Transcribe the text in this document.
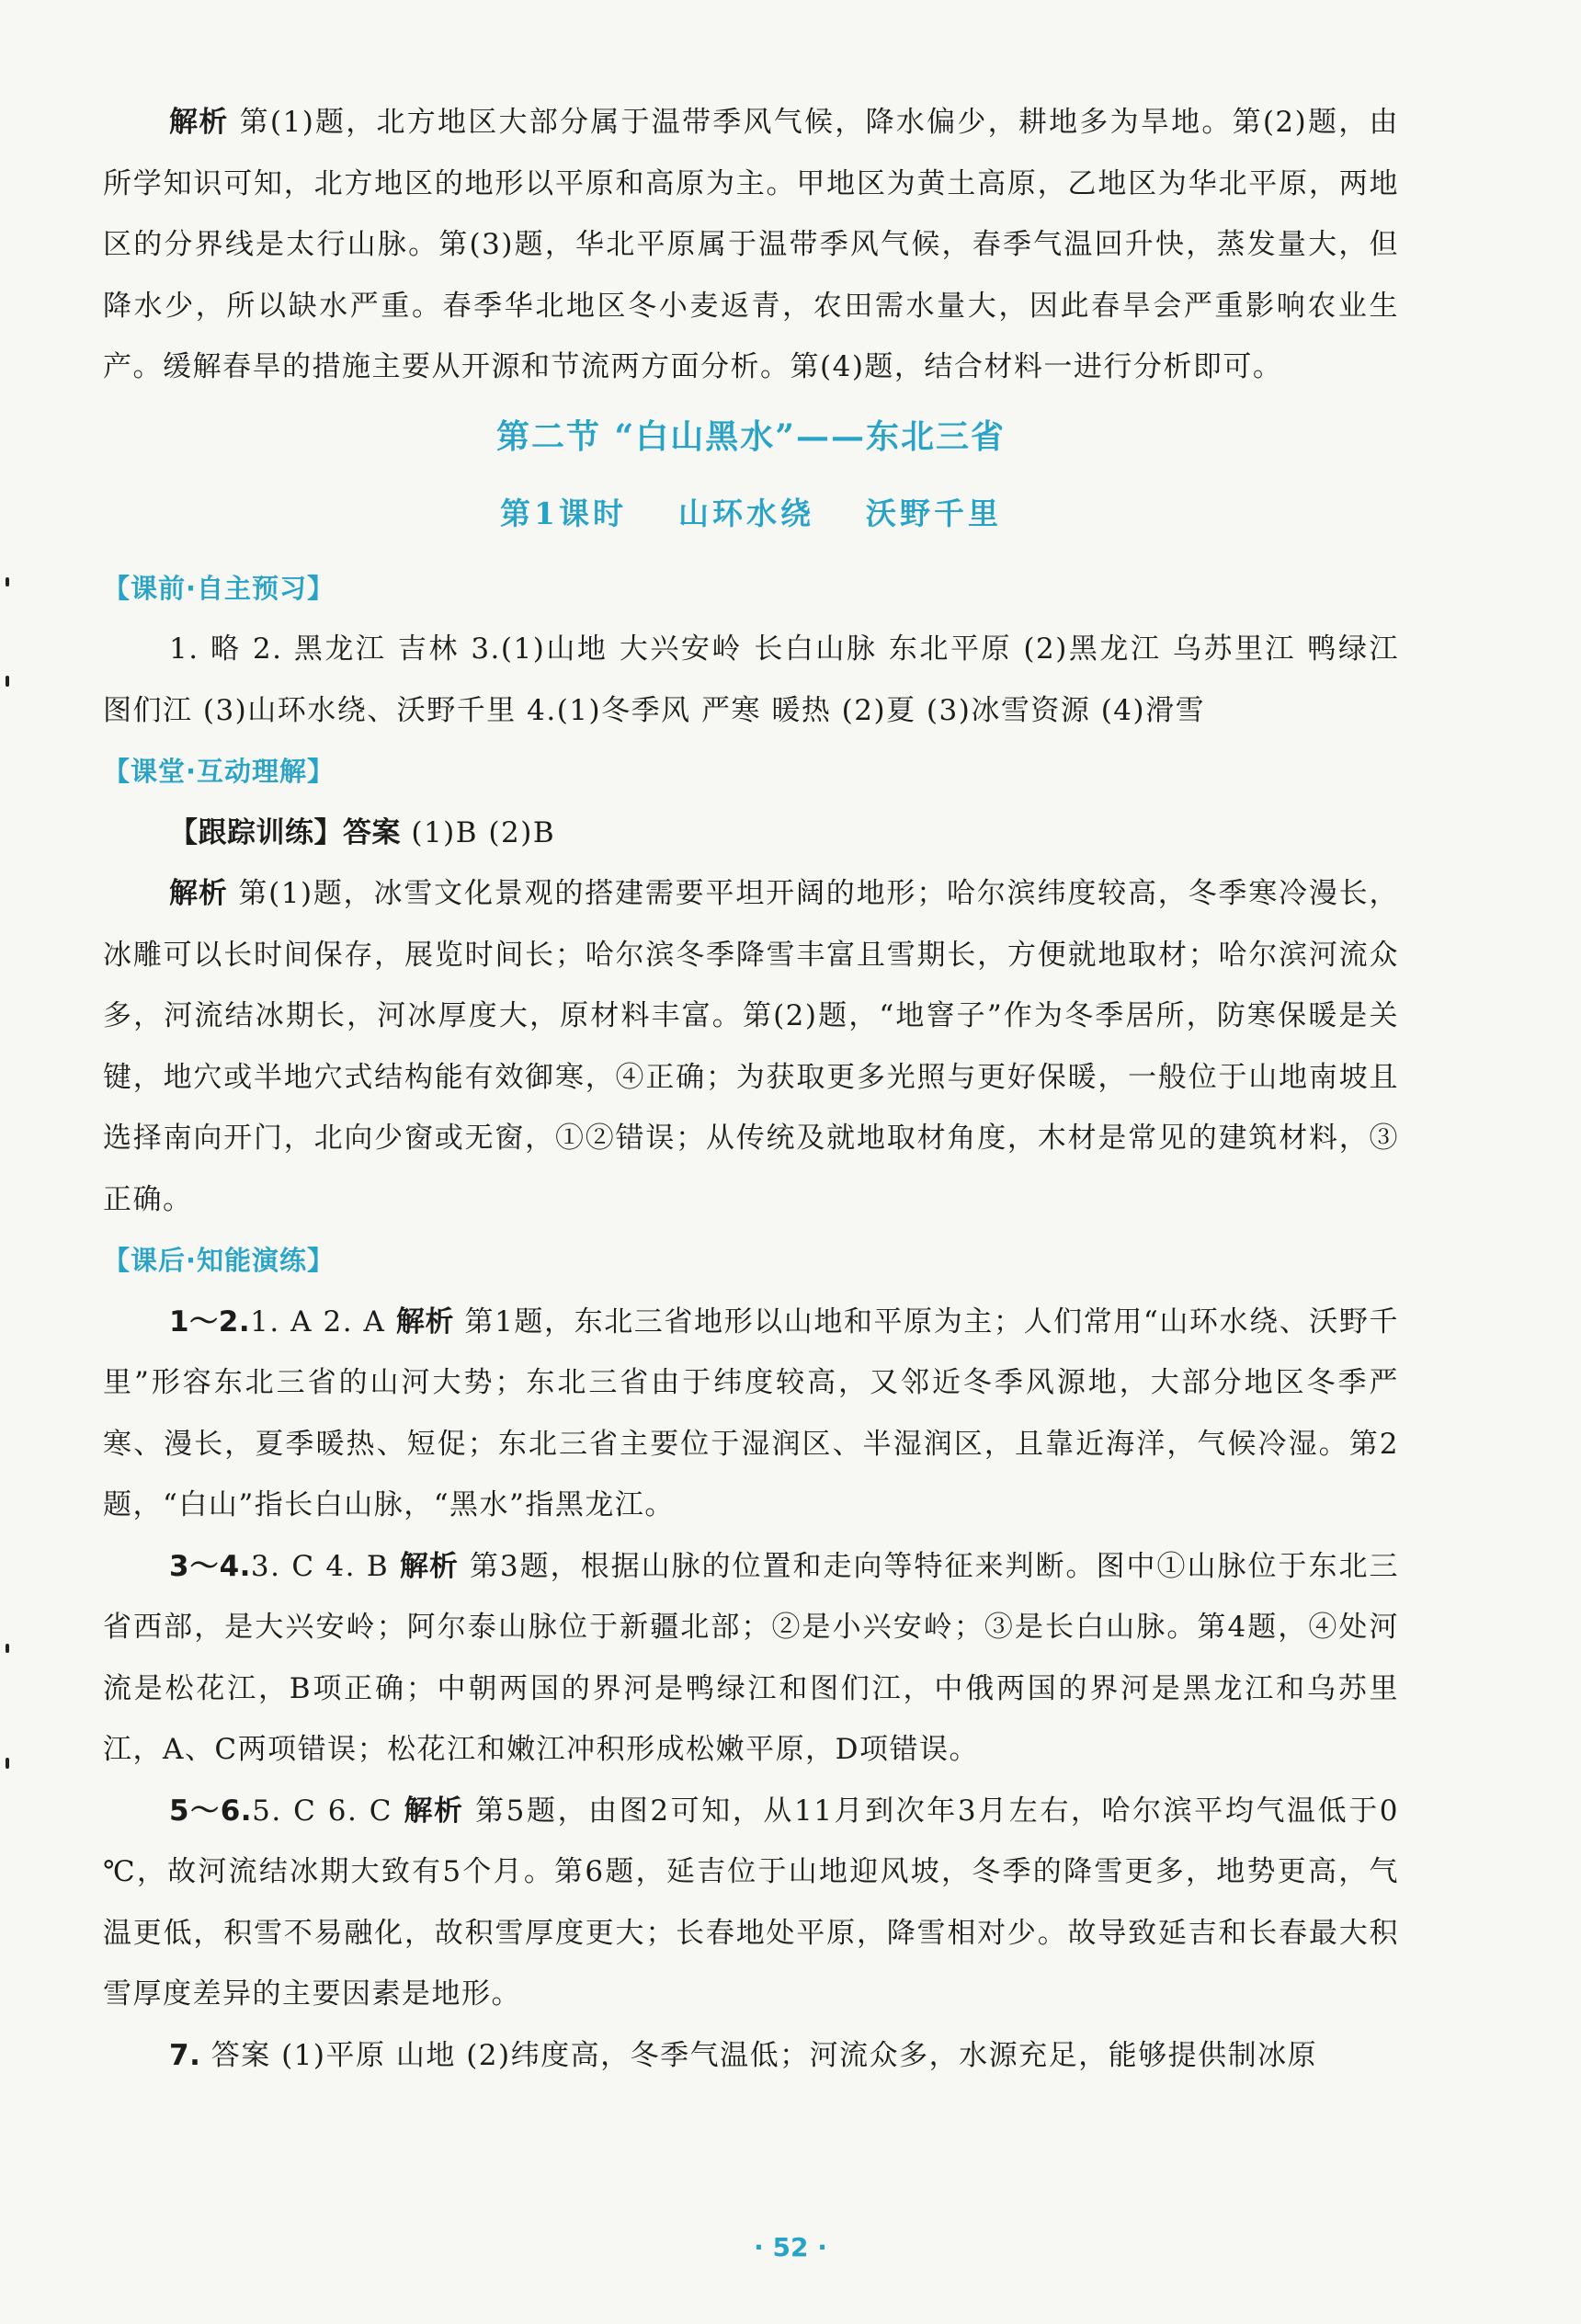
解析 第(1)题，北方地区大部分属于温带季风气候，降水偏少，耕地多为旱地。第(2)题，由所学知识可知，北方地区的地形以平原和高原为主。甲地区为黄土高原，乙地区为华北平原，两地区的分界线是太行山脉。第(3)题，华北平原属于温带季风气候，春季气温回升快，蒸发量大，但降水少，所以缺水严重。春季华北地区冬小麦返青，农田需水量大，因此春旱会严重影响农业生产。缓解春旱的措施主要从开源和节流两方面分析。第(4)题，结合材料一进行分析即可。

第二节 “白山黑水”——东北三省
第1课时 山环水绕 沃野千里
【课前·自主预习】

1. 略 2. 黑龙江 吉林 3.(1)山地 大兴安岭 长白山脉 东北平原 (2)黑龙江 乌苏里江 鸭绿江 图们江 (3)山环水绕、沃野千里 4.(1)冬季风 严寒 暖热 (2)夏 (3)冰雪资源 (4)滑雪

【课堂·互动理解】

【跟踪训练】答案 (1)B (2)B

解析 第(1)题，冰雪文化景观的搭建需要平坦开阔的地形；哈尔滨纬度较高，冬季寒冷漫长，冰雕可以长时间保存，展览时间长；哈尔滨冬季降雪丰富且雪期长，方便就地取材；哈尔滨河流众多，河流结冰期长，河冰厚度大，原材料丰富。第(2)题，“地窨子”作为冬季居所，防寒保暖是关键，地穴或半地穴式结构能有效御寒，④正确；为获取更多光照与更好保暖，一般位于山地南坡且选择南向开门，北向少窗或无窗，①②错误；从传统及就地取材角度，木材是常见的建筑材料，③正确。

【课后·知能演练】

1～2.1. A 2. A 解析 第1题，东北三省地形以山地和平原为主；人们常用“山环水绕、沃野千里”形容东北三省的山河大势；东北三省由于纬度较高，又邻近冬季风源地，大部分地区冬季严寒、漫长，夏季暖热、短促；东北三省主要位于湿润区、半湿润区，且靠近海洋，气候冷湿。第2题，“白山”指长白山脉，“黑水”指黑龙江。

3～4.3. C 4. B 解析 第3题，根据山脉的位置和走向等特征来判断。图中①山脉位于东北三省西部，是大兴安岭；阿尔泰山脉位于新疆北部；②是小兴安岭；③是长白山脉。第4题，④处河流是松花江，B项正确；中朝两国的界河是鸭绿江和图们江，中俄两国的界河是黑龙江和乌苏里江，A、C两项错误；松花江和嫩江冲积形成松嫩平原，D项错误。

5～6.5. C 6. C 解析 第5题，由图2可知，从11月到次年3月左右，哈尔滨平均气温低于0 ℃，故河流结冰期大致有5个月。第6题，延吉位于山地迎风坡，冬季的降雪更多，地势更高，气温更低，积雪不易融化，故积雪厚度更大；长春地处平原，降雪相对少。故导致延吉和长春最大积雪厚度差异的主要因素是地形。

7. 答案 (1)平原 山地 (2)纬度高，冬季气温低；河流众多，水源充足，能够提供制冰原

· 52 ·
